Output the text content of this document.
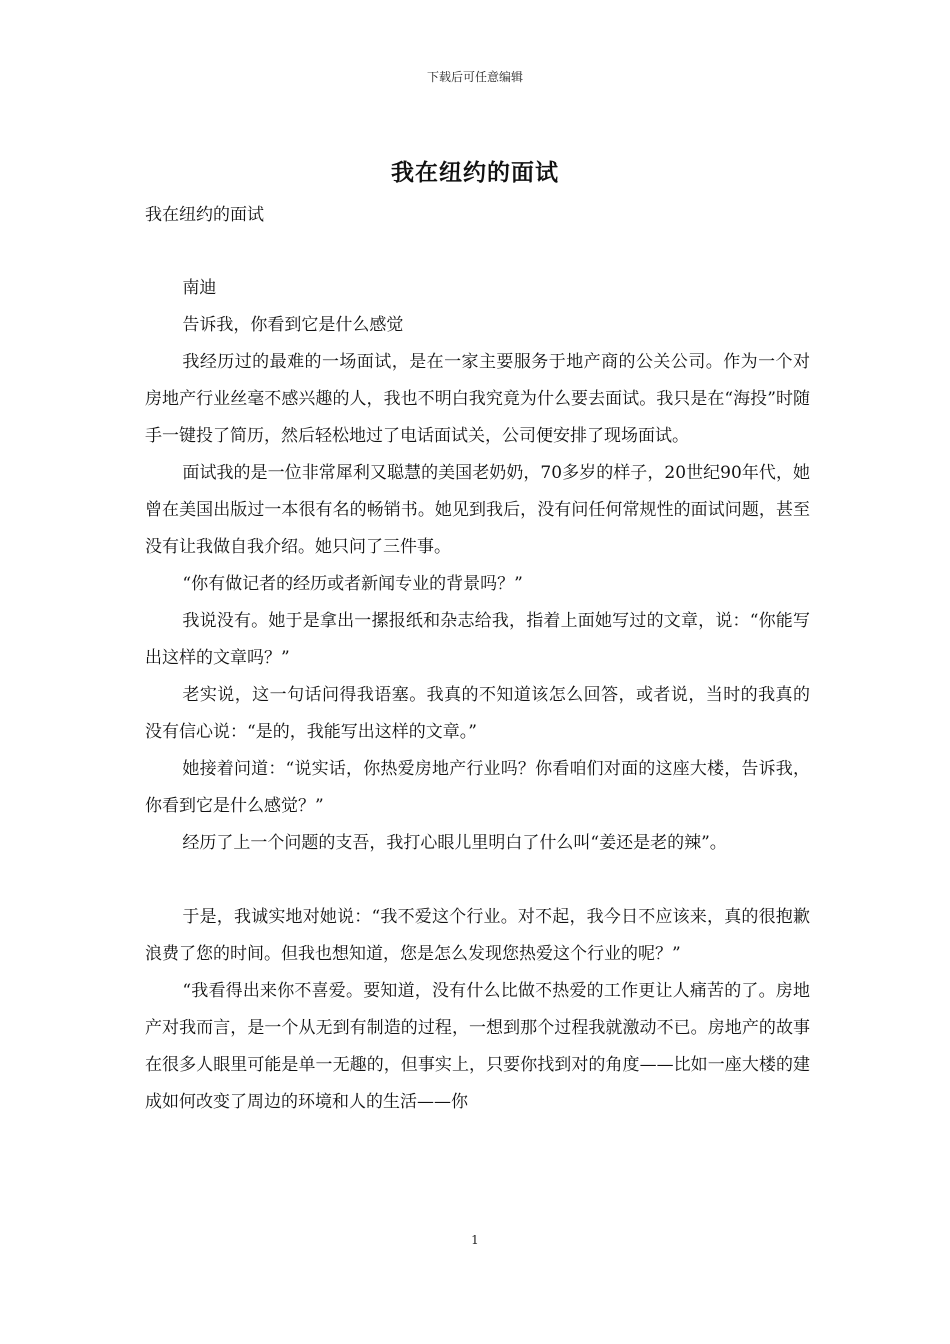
下载后可任意编辑
我在纽约的面试
我在纽约的面试

南迪

告诉我，你看到它是什么感觉

我经历过的最难的一场面试，是在一家主要服务于地产商的公关公司。作为一个对房地产行业丝毫不感兴趣的人，我也不明白我究竟为什么要去面试。我只是在“海投”时随手一键投了简历，然后轻松地过了电话面试关，公司便安排了现场面试。

面试我的是一位非常犀利又聪慧的美国老奶奶，70多岁的样子，20世纪90年代，她曾在美国出版过一本很有名的畅销书。她见到我后，没有问任何常规性的面试问题，甚至没有让我做自我介绍。她只问了三件事。

“你有做记者的经历或者新闻专业的背景吗？”

我说没有。她于是拿出一摞报纸和杂志给我，指着上面她写过的文章，说：“你能写出这样的文章吗？”

老实说，这一句话问得我语塞。我真的不知道该怎么回答，或者说，当时的我真的没有信心说：“是的，我能写出这样的文章。”

她接着问道：“说实话，你热爱房地产行业吗？你看咱们对面的这座大楼，告诉我，你看到它是什么感觉？”

经历了上一个问题的支吾，我打心眼儿里明白了什么叫“姜还是老的辣”。

于是，我诚实地对她说：“我不爱这个行业。对不起，我今日不应该来，真的很抱歉浪费了您的时间。但我也想知道，您是怎么发现您热爱这个行业的呢？”

“我看得出来你不喜爱。要知道，没有什么比做不热爱的工作更让人痛苦的了。房地产对我而言，是一个从无到有制造的过程，一想到那个过程我就激动不已。房地产的故事在很多人眼里可能是单一无趣的，但事实上，只要你找到对的角度——比如一座大楼的建成如何改变了周边的环境和人的生活——你

1
